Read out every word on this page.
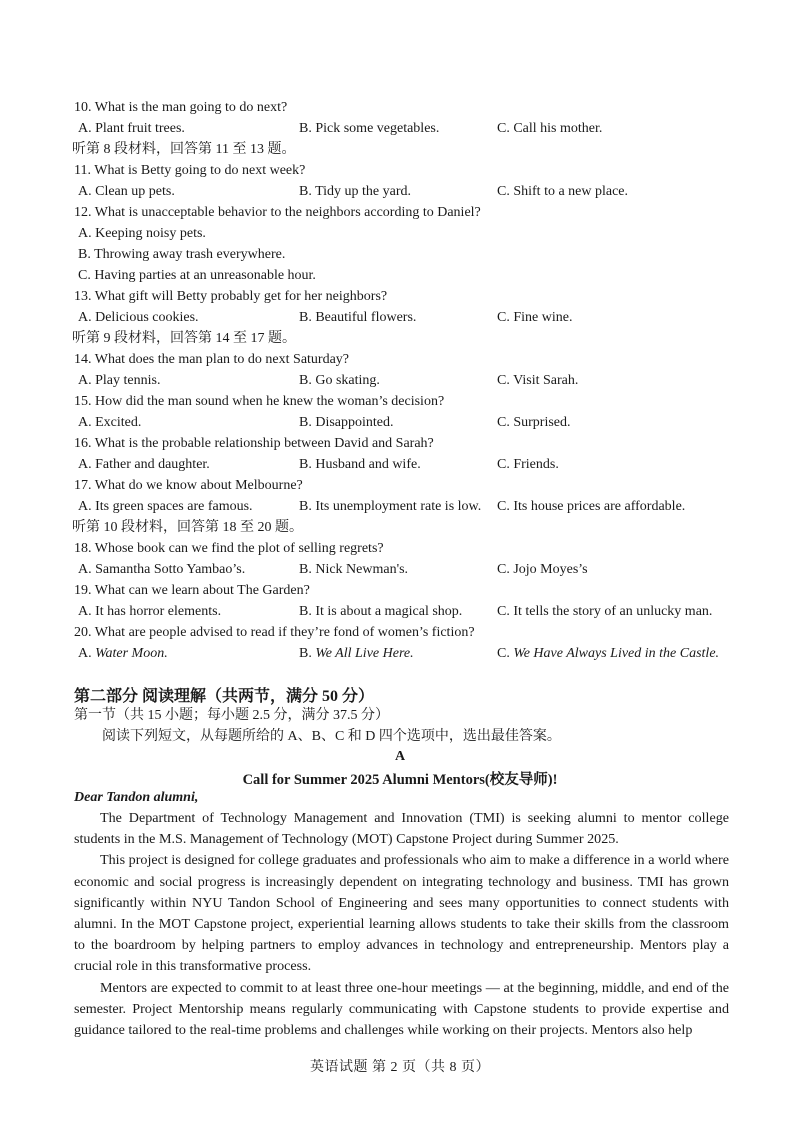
10. What is the man going to do next?
A. Plant fruit trees.	B. Pick some vegetables.	C. Call his mother.
听第 8 段材料，回答第 11 至 13 题。
11. What is Betty going to do next week?
A. Clean up pets.	B. Tidy up the yard.	C. Shift to a new place.
12. What is unacceptable behavior to the neighbors according to Daniel?
A. Keeping noisy pets.
B. Throwing away trash everywhere.
C. Having parties at an unreasonable hour.
13. What gift will Betty probably get for her neighbors?
A. Delicious cookies.	B. Beautiful flowers.	C. Fine wine.
听第 9 段材料，回答第 14 至 17 题。
14. What does the man plan to do next Saturday?
A. Play tennis.	B. Go skating.	C. Visit Sarah.
15. How did the man sound when he knew the woman’s decision?
A. Excited.	B. Disappointed.	C. Surprised.
16. What is the probable relationship between David and Sarah?
A. Father and daughter.	B. Husband and wife.	C. Friends.
17. What do we know about Melbourne?
A. Its green spaces are famous.	B. Its unemployment rate is low. C. Its house prices are affordable.
听第 10 段材料，回答第 18 至 20 题。
18. Whose book can we find the plot of selling regrets?
A. Samantha Sotto Yambao’s.	B. Nick Newman's.	C. Jojo Moyes’s
19. What can we learn about The Garden?
A. It has horror elements.	B. It is about a magical shop. C. It tells the story of an unlucky man.
20. What are people advised to read if they’re fond of women’s fiction?
A. Water Moon.	B. We All Live Here.	C. We Have Always Lived in the Castle.
第二部分 阅读理解（共两节，满分 50 分）
第一节（共 15 小题；每小题 2.5 分，满分 37.5 分）
阅读下列短文，从每题所给的 A、B、C 和 D 四个选项中，选出最佳答案。
A
Call for Summer 2025 Alumni Mentors(校友导师)!
Dear Tandon alumni,

The Department of Technology Management and Innovation (TMI) is seeking alumni to mentor college students in the M.S. Management of Technology (MOT) Capstone Project during Summer 2025.

This project is designed for college graduates and professionals who aim to make a difference in a world where economic and social progress is increasingly dependent on integrating technology and business. TMI has grown significantly within NYU Tandon School of Engineering and sees many opportunities to connect students with alumni. In the MOT Capstone project, experiential learning allows students to take their skills from the classroom to the boardroom by helping partners to employ advances in technology and entrepreneurship. Mentors play a crucial role in this transformative process.

Mentors are expected to commit to at least three one-hour meetings — at the beginning, middle, and end of the semester. Project Mentorship means regularly communicating with Capstone students to provide expertise and guidance tailored to the real-time problems and challenges while working on their projects. Mentors also help

英语试题 第 2 页（共 8 页）
